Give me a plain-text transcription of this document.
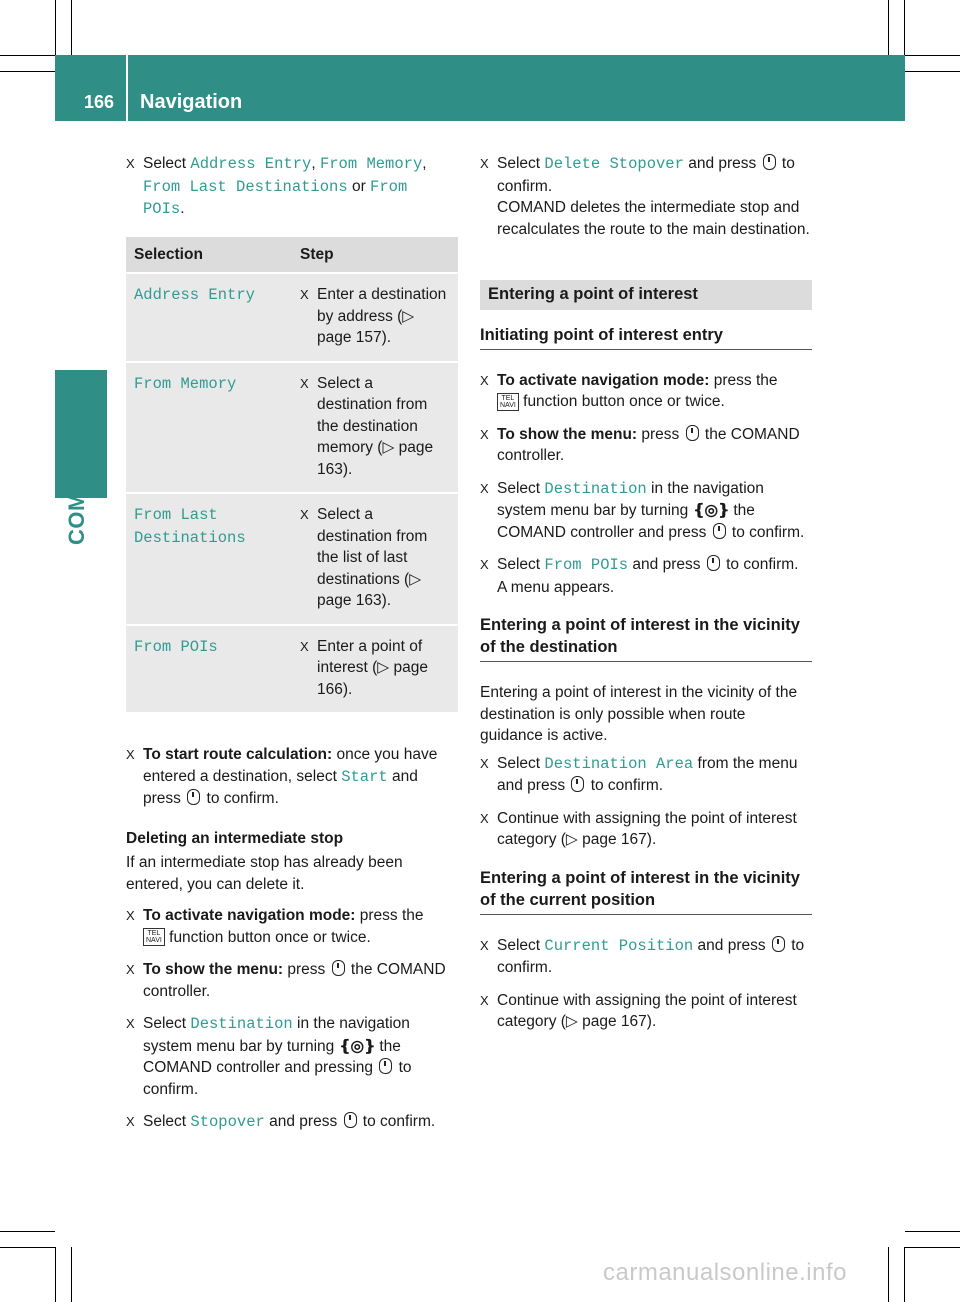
166 Navigation
COMAND
X Select Address Entry, From Memory,
From Last Destinations or From POIs.
Selection	Step
Address Entry	X Enter a destination by address (▷ page 157).

From Memory	X Select a destination from the destination memory (▷ page 163).

From Last Destinations	X Select a destination from the list of last destinations (▷ page 163).

From POIs	X Enter a point of interest (▷ page 166).
X To start route calculation: once you have entered a destination, select Start and press  to confirm.
Deleting an intermediate stop

If an intermediate stop has already been entered, you can delete it.

X To activate navigation mode: press the
TEL
NAVI function button once or twice.
X To show the menu: press  the COMAND controller.
X Select Destination in the navigation system menu bar by turning ❴◎❵ the COMAND controller and pressing  to confirm.
X Select Stopover and press  to confirm.
X Select Delete Stopover and press  to confirm.
COMAND deletes the intermediate stop and recalculates the route to the main destination.
Entering a point of interest
Initiating point of interest entry
X To activate navigation mode: press the
TEL
NAVI function button once or twice.
X To show the menu: press  the COMAND controller.
X Select Destination in the navigation system menu bar by turning ❴◎❵ the COMAND controller and press  to confirm.
X Select From POIs and press  to confirm.
A menu appears.
Entering a point of interest in the vicinity of the destination

Entering a point of interest in the vicinity of the destination is only possible when route guidance is active.

X Select Destination Area from the menu and press  to confirm.
X Continue with assigning the point of interest category (▷ page 167).
Entering a point of interest in the vicinity of the current position
X Select Current Position and press  to confirm.
X Continue with assigning the point of interest category (▷ page 167).
carmanualsonline.info
